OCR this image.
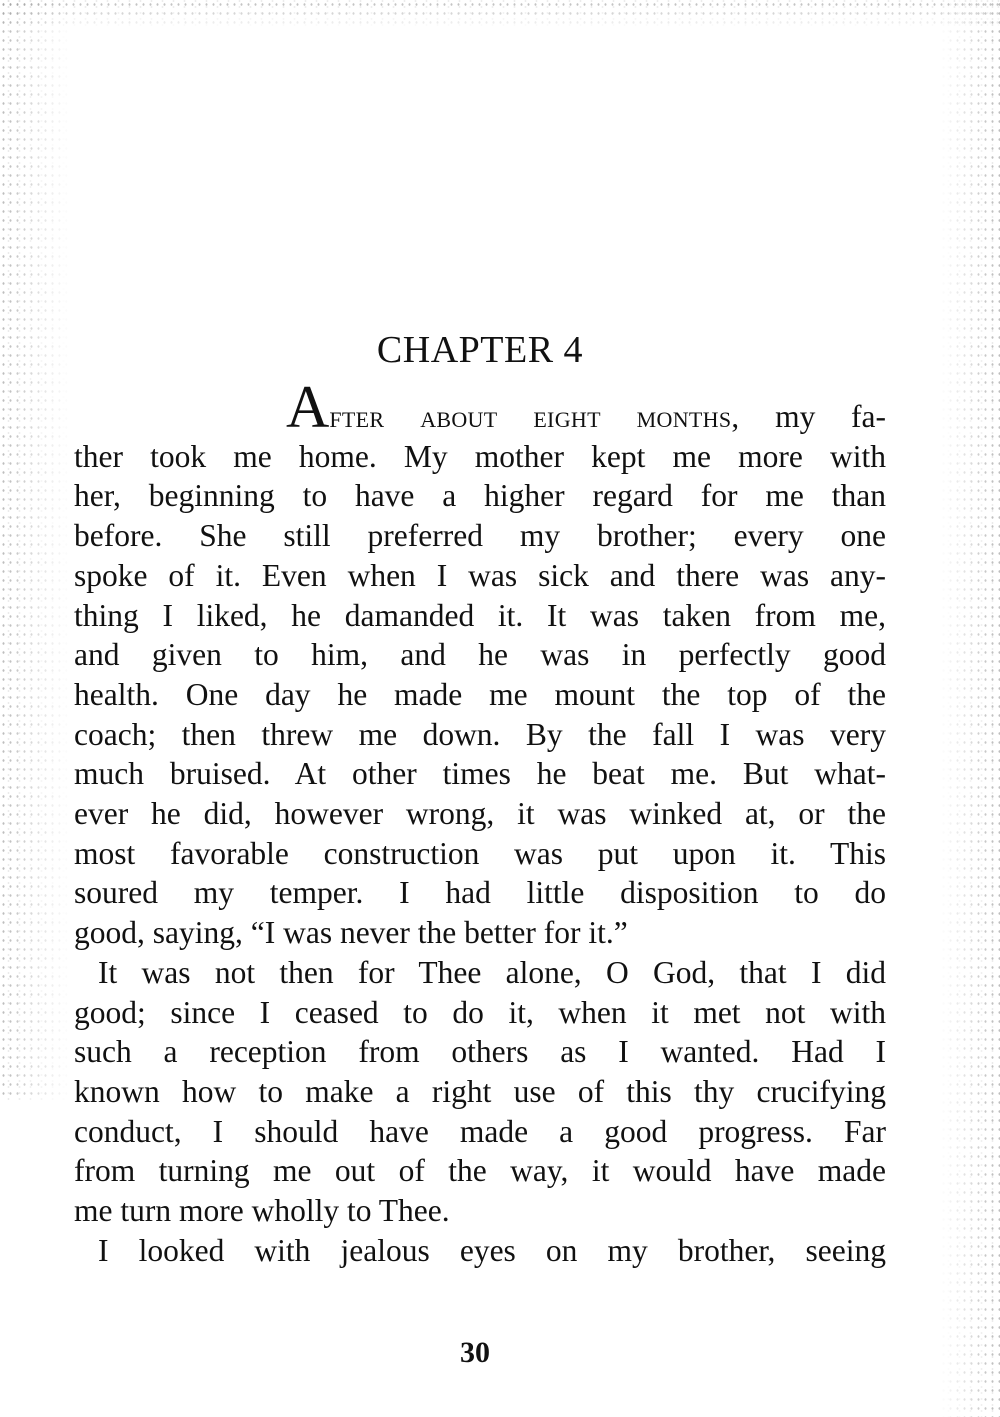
CHAPTER 4
After about eight months, my fa-
ther took me home. My mother kept me more with
her, beginning to have a higher regard for me than
before. She still preferred my brother; every one
spoke of it. Even when I was sick and there was any-
thing I liked, he damanded it. It was taken from me,
and given to him, and he was in perfectly good
health. One day he made me mount the top of the
coach; then threw me down. By the fall I was very
much bruised. At other times he beat me. But what-
ever he did, however wrong, it was winked at, or the
most favorable construction was put upon it. This
soured my temper. I had little disposition to do
good, saying, “I was never the better for it.”
It was not then for Thee alone, O God, that I did
good; since I ceased to do it, when it met not with
such a reception from others as I wanted. Had I
known how to make a right use of this thy crucifying
conduct, I should have made a good progress. Far
from turning me out of the way, it would have made
me turn more wholly to Thee.
I looked with jealous eyes on my brother, seeing
30
